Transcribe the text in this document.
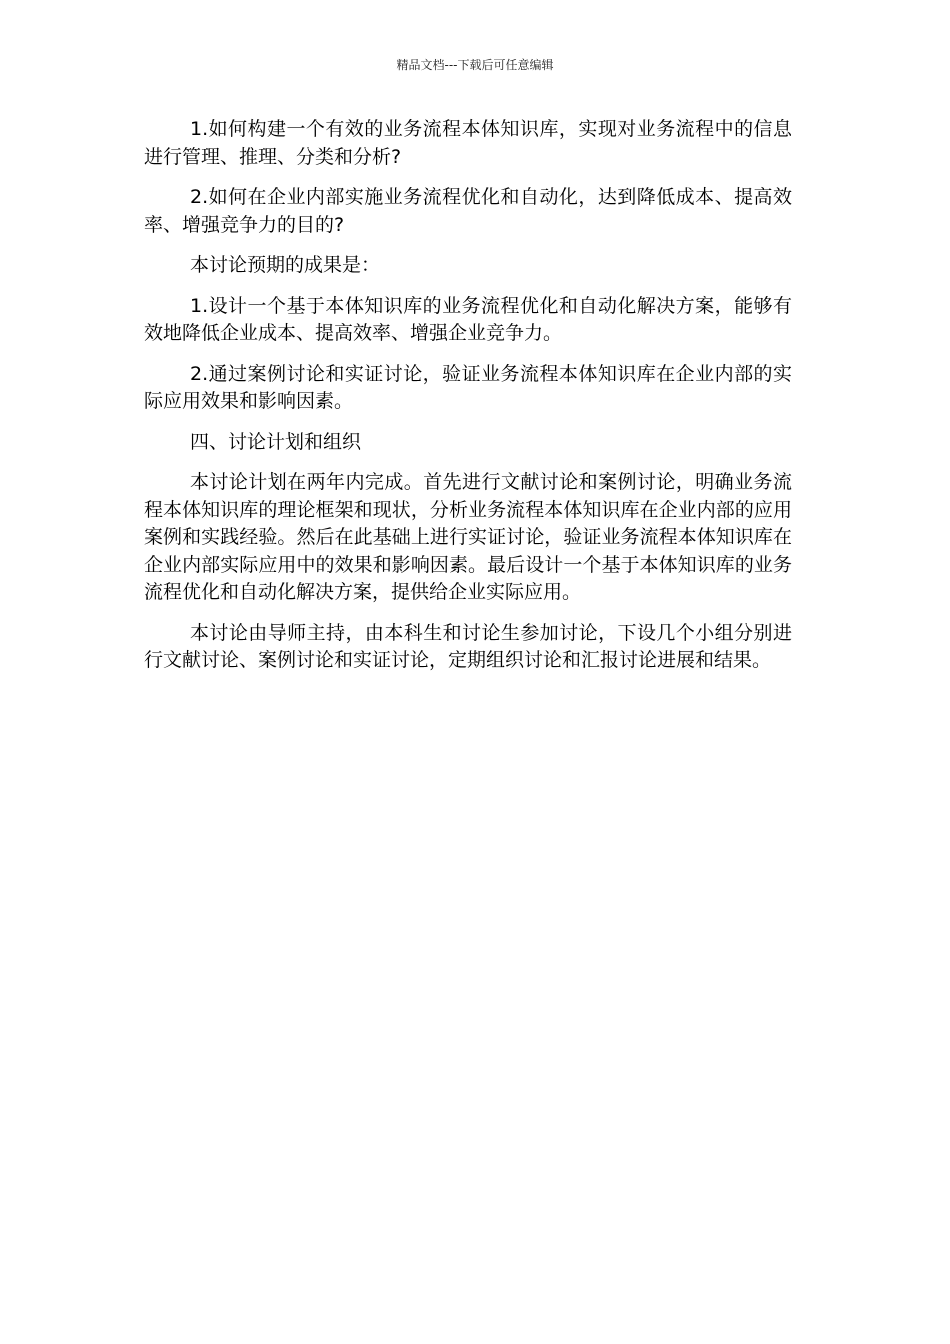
精品文档---下载后可任意编辑

1.如何构建一个有效的业务流程本体知识库，实现对业务流程中的信息进行管理、推理、分类和分析?

2.如何在企业内部实施业务流程优化和自动化，达到降低成本、提高效率、增强竞争力的目的?

本讨论预期的成果是：

1.设计一个基于本体知识库的业务流程优化和自动化解决方案，能够有效地降低企业成本、提高效率、增强企业竞争力。

2.通过案例讨论和实证讨论，验证业务流程本体知识库在企业内部的实际应用效果和影响因素。

四、讨论计划和组织

本讨论计划在两年内完成。首先进行文献讨论和案例讨论，明确业务流程本体知识库的理论框架和现状，分析业务流程本体知识库在企业内部的应用案例和实践经验。然后在此基础上进行实证讨论，验证业务流程本体知识库在企业内部实际应用中的效果和影响因素。最后设计一个基于本体知识库的业务流程优化和自动化解决方案，提供给企业实际应用。

本讨论由导师主持，由本科生和讨论生参加讨论，下设几个小组分别进行文献讨论、案例讨论和实证讨论，定期组织讨论和汇报讨论进展和结果。
